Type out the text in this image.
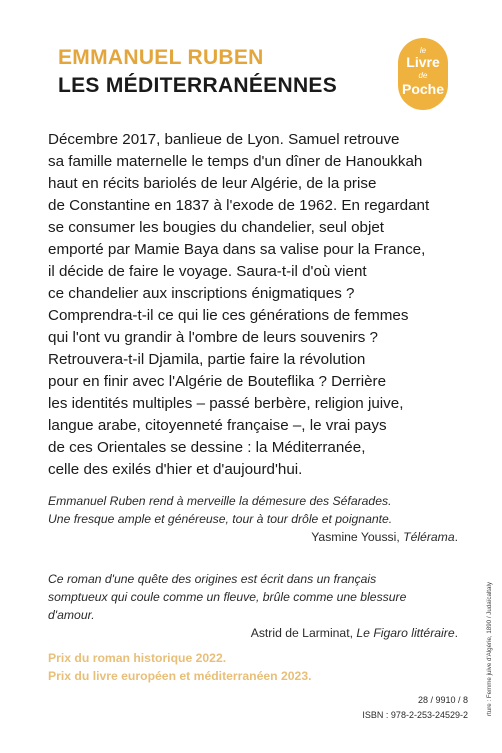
EMMANUEL RUBEN
LES MÉDITERRANÉENNES
le
Livre
de
Poche
Décembre 2017, banlieue de Lyon. Samuel retrouve
sa famille maternelle le temps d'un dîner de Hanoukkah
haut en récits bariolés de leur Algérie, de la prise
de Constantine en 1837 à l'exode de 1962. En regardant
se consumer les bougies du chandelier, seul objet
emporté par Mamie Baya dans sa valise pour la France,
il décide de faire le voyage. Saura-t-il d'où vient
ce chandelier aux inscriptions énigmatiques ?
Comprendra-t-il ce qui lie ces générations de femmes
qui l'ont vu grandir à l'ombre de leurs souvenirs ?
Retrouvera-t-il Djamila, partie faire la révolution
pour en finir avec l'Algérie de Bouteflika ? Derrière
les identités multiples – passé berbère, religion juive,
langue arabe, citoyenneté française –, le vrai pays
de ces Orientales se dessine : la Méditerranée,
celle des exilés d'hier et d'aujourd'hui.
Emmanuel Ruben rend à merveille la démesure des Séfarades.
Une fresque ample et généreuse, tour à tour drôle et poignante.
Yasmine Youssi, Télérama.
Ce roman d'une quête des origines est écrit dans un français
somptueux qui coule comme un fleuve, brûle comme une blessure
d'amour.
Astrid de Larminat, Le Figaro littéraire.
Prix du roman historique 2022.
Prix du livre européen et méditerranéen 2023.
28 / 9910 / 8
ISBN : 978-2-253-24529-2	rture : Femme juive d'Algérie, 1890 / Judaïcaltaly
